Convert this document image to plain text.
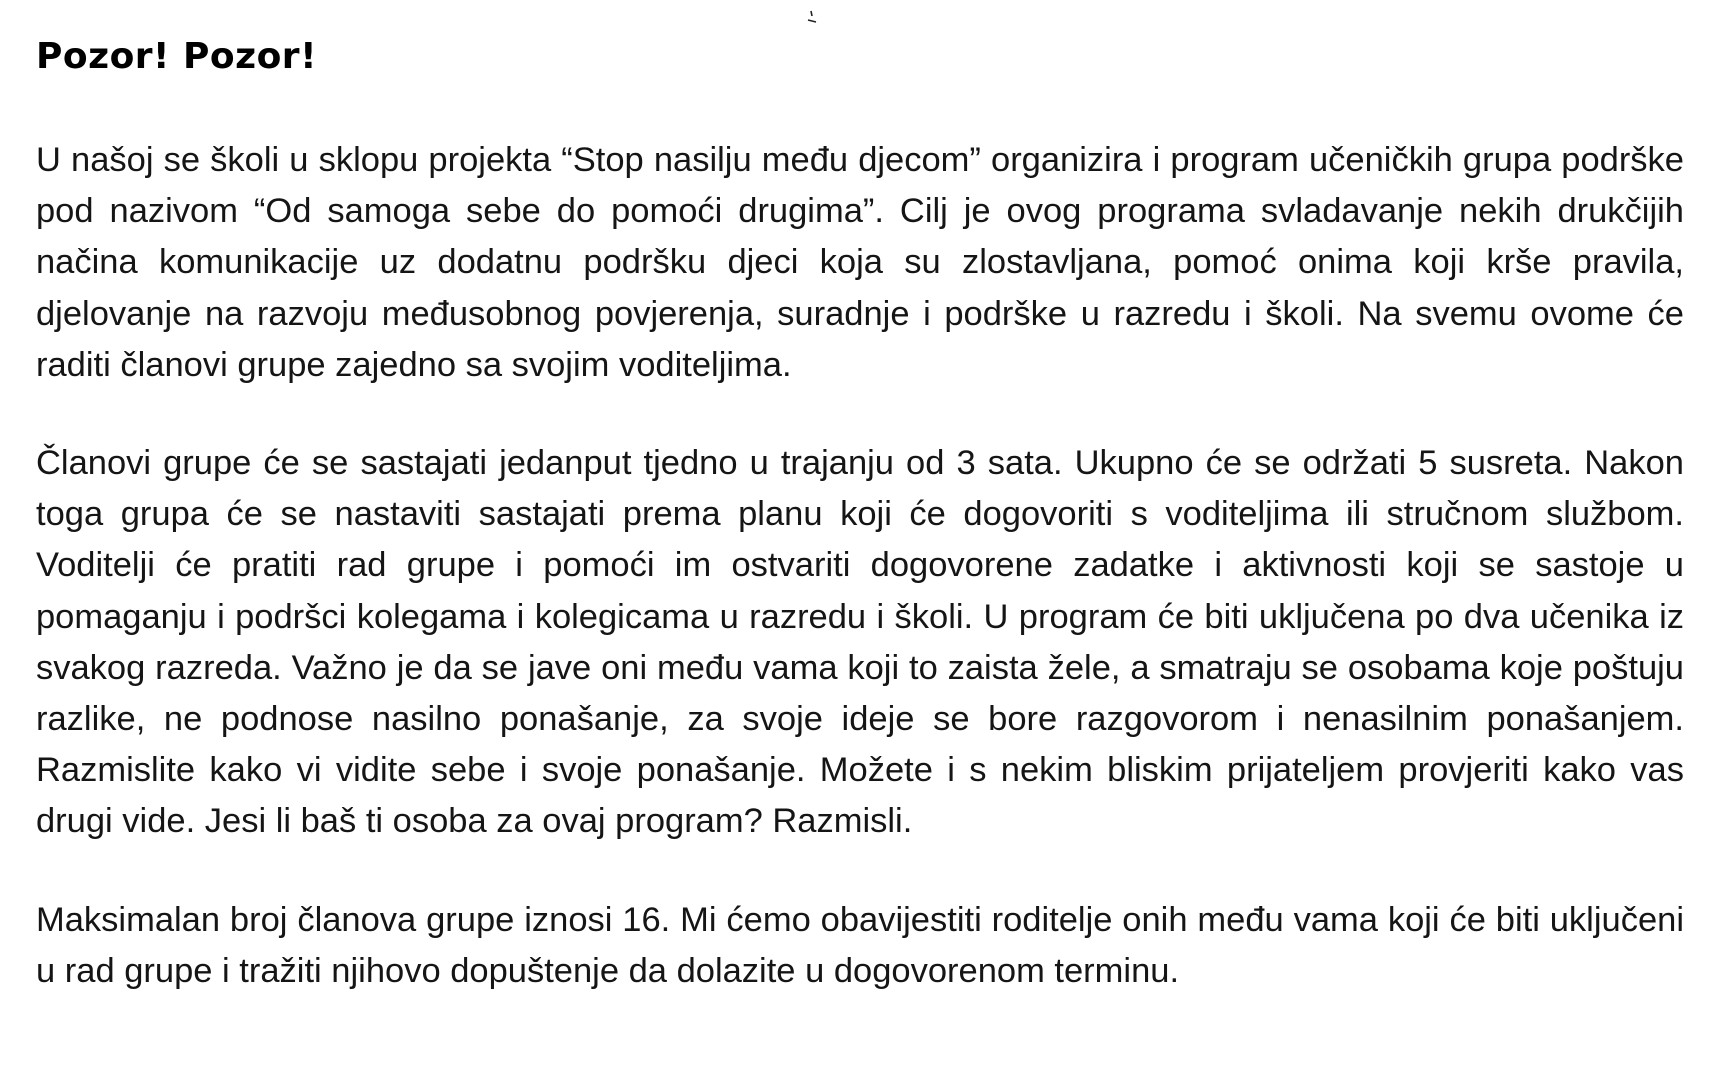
Pozor! Pozor!

U našoj se školi u sklopu projekta “Stop nasilju među djecom” organizira i program učeničkih grupa podrške pod nazivom “Od samoga sebe do pomoći drugima”. Cilj je ovog programa svladavanje nekih drukčijih načina komunikacije uz dodatnu podršku djeci koja su zlostavljana, pomoć onima koji krše pravila, djelovanje na razvoju međusobnog povjerenja, suradnje i podrške u razredu i školi. Na svemu ovome će raditi članovi grupe zajedno sa svojim voditeljima.

Članovi grupe će se sastajati jedanput tjedno u trajanju od 3 sata. Ukupno će se održati 5 susreta. Nakon toga grupa će se nastaviti sastajati prema planu koji će dogovoriti s voditeljima ili stručnom službom. Voditelji će pratiti rad grupe i pomoći im ostvariti dogovorene zadatke i aktivnosti koji se sastoje u pomaganju i podršci kolegama i kolegicama u razredu i školi. U program će biti uključena po dva učenika iz svakog razreda. Važno je da se jave oni među vama koji to zaista žele, a smatraju se osobama koje poštuju razlike, ne podnose nasilno ponašanje, za svoje ideje se bore razgovorom i nenasilnim ponašanjem. Razmislite kako vi vidite sebe i svoje ponašanje. Možete i s nekim bliskim prijateljem provjeriti kako vas drugi vide. Jesi li baš ti osoba za ovaj program? Razmisli.

Maksimalan broj članova grupe iznosi 16. Mi ćemo obavijestiti roditelje onih među vama koji će biti uključeni u rad grupe i tražiti njihovo dopuštenje da dolazite u dogovorenom terminu.
